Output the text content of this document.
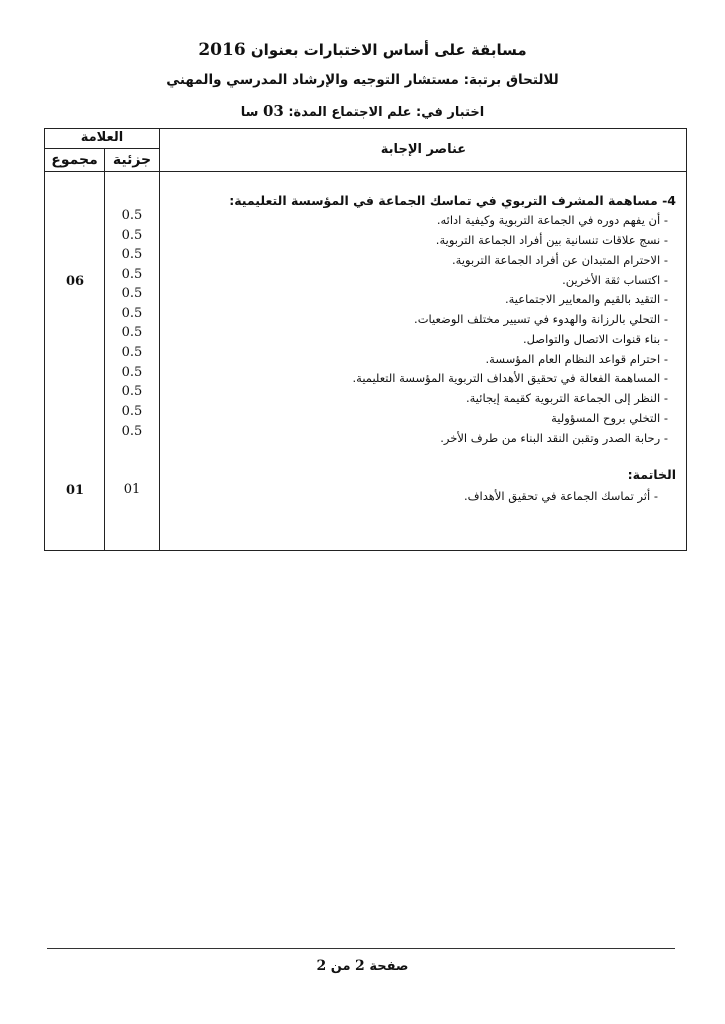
مسابقة على أساس الاختبارات بعنوان 2016
للالتحاق برتبة: مستشار التوجيه والإرشاد المدرسي والمهني
اختبار في: علم الاجتماع المدة: 03 سا
العلامة
جزئية
مجموع
عناصر الإجابة
4- مساهمة المشرف التربوي في تماسك الجماعة في المؤسسة التعليمية:
- أن يفهم دوره في الجماعة التربوية وكيفية ادائه.
- نسج علاقات تنسانية بين أفراد الجماعة التربوية.
- الاحترام المتبدان عن أفراد الجماعة التربوية.
- اكتساب ثقة الأخرين.
- التقيد بالقيم والمعايير الاجتماعية.
- التحلي بالرزانة والهدوء في تسيير مختلف الوضعيات.
- بناء قنوات الاتصال والتواصل.
- احترام قواعد النظام العام المؤسسة.
- المساهمة الفعالة في تحقيق الأهداف التربوية المؤسسة التعليمية.
- النظر إلى الجماعة التربوية كقيمة إيجائية.
- التخلي بروح المسؤولية
- رحابة الصدر وتقبن النقد البناء من طرف الأخر.
0.5
0.5
0.5
0.5
0.5
0.5
0.5
0.5
0.5
0.5
0.5
0.5
06
الخاتمة:
- أثر تماسك الجماعة في تحقيق الأهداف.
01
01
صفحة 2 من 2
